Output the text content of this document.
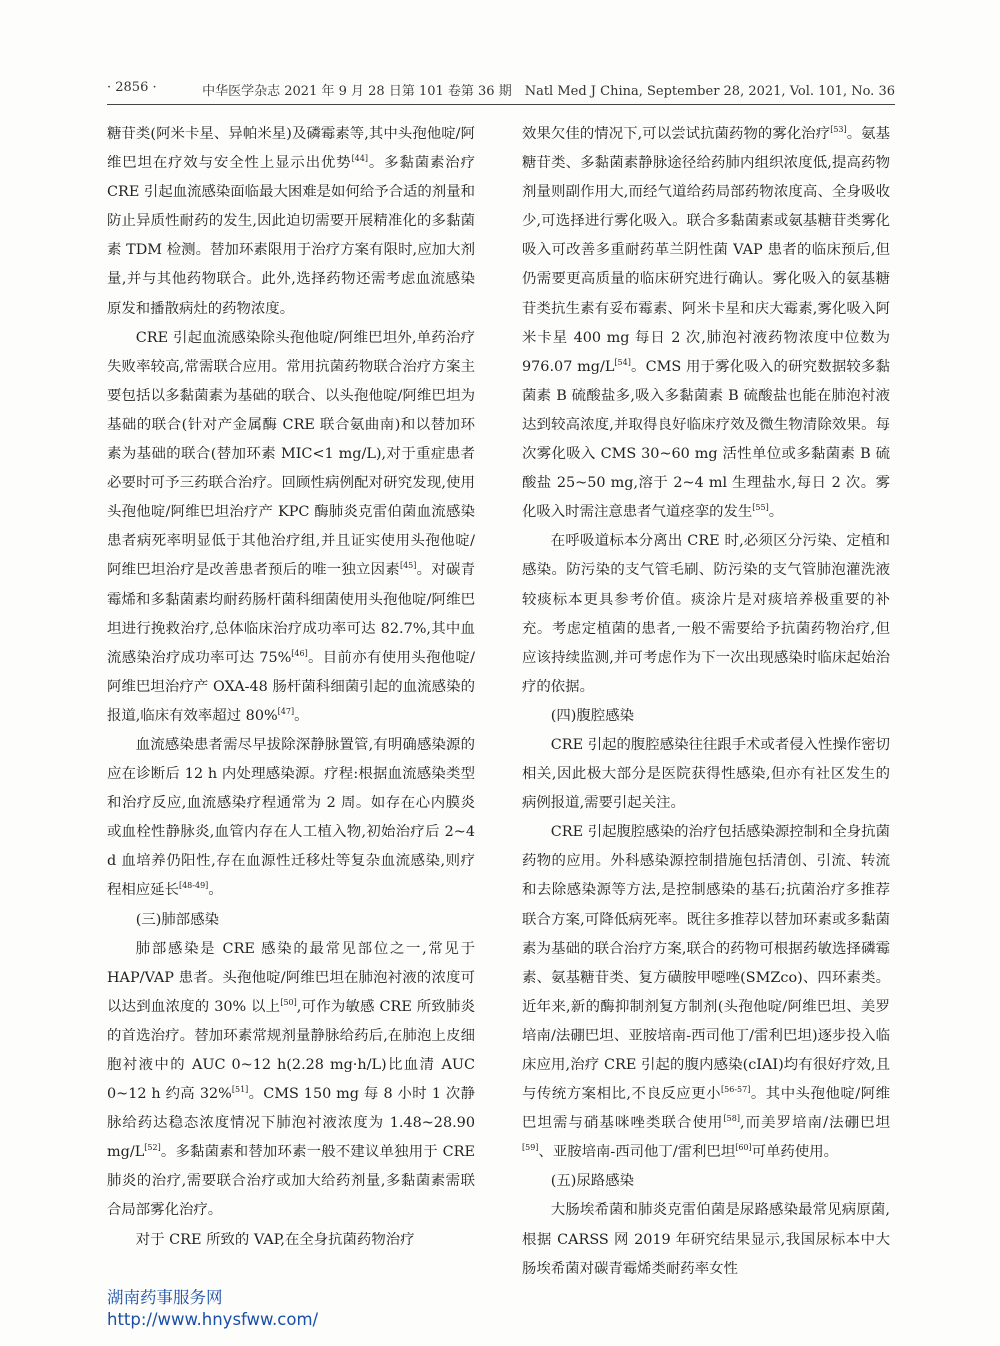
· 2856 ·	中华医学杂志 2021 年 9 月 28 日第 101 卷第 36 期　Natl Med J China, September 28, 2021, Vol. 101, No. 36

糖苷类(阿米卡星、异帕米星)及磷霉素等,其中头孢他啶/阿维巴坦在疗效与安全性上显示出优势[44]。多黏菌素治疗 CRE 引起血流感染面临最大困难是如何给予合适的剂量和防止异质性耐药的发生,因此迫切需要开展精准化的多黏菌素 TDM 检测。替加环素限用于治疗方案有限时,应加大剂量,并与其他药物联合。此外,选择药物还需考虑血流感染原发和播散病灶的药物浓度。

CRE 引起血流感染除头孢他啶/阿维巴坦外,单药治疗失败率较高,常需联合应用。常用抗菌药物联合治疗方案主要包括以多黏菌素为基础的联合、以头孢他啶/阿维巴坦为基础的联合(针对产金属酶 CRE 联合氨曲南)和以替加环素为基础的联合(替加环素 MIC<1 mg/L),对于重症患者必要时可予三药联合治疗。回顾性病例配对研究发现,使用头孢他啶/阿维巴坦治疗产 KPC 酶肺炎克雷伯菌血流感染患者病死率明显低于其他治疗组,并且证实使用头孢他啶/阿维巴坦治疗是改善患者预后的唯一独立因素[45]。对碳青霉烯和多黏菌素均耐药肠杆菌科细菌使用头孢他啶/阿维巴坦进行挽救治疗,总体临床治疗成功率可达 82.7%,其中血流感染治疗成功率可达 75%[46]。目前亦有使用头孢他啶/阿维巴坦治疗产 OXA-48 肠杆菌科细菌引起的血流感染的报道,临床有效率超过 80%[47]。

血流感染患者需尽早拔除深静脉置管,有明确感染源的应在诊断后 12 h 内处理感染源。疗程:根据血流感染类型和治疗反应,血流感染疗程通常为 2 周。如存在心内膜炎或血栓性静脉炎,血管内存在人工植入物,初始治疗后 2~4 d 血培养仍阳性,存在血源性迁移灶等复杂血流感染,则疗程相应延长[48-49]。

(三)肺部感染

肺部感染是 CRE 感染的最常见部位之一,常见于 HAP/VAP 患者。头孢他啶/阿维巴坦在肺泡衬液的浓度可以达到血浓度的 30% 以上[50],可作为敏感 CRE 所致肺炎的首选治疗。替加环素常规剂量静脉给药后,在肺泡上皮细胞衬液中的 AUC 0~12 h(2.28 mg·h/L)比血清 AUC 0~12 h 约高 32%[51]。CMS 150 mg 每 8 小时 1 次静脉给药达稳态浓度情况下肺泡衬液浓度为 1.48~28.90 mg/L[52]。多黏菌素和替加环素一般不建议单独用于 CRE 肺炎的治疗,需要联合治疗或加大给药剂量,多黏菌素需联合局部雾化治疗。

对于 CRE 所致的 VAP,在全身抗菌药物治疗

效果欠佳的情况下,可以尝试抗菌药物的雾化治疗[53]。氨基糖苷类、多黏菌素静脉途径给药肺内组织浓度低,提高药物剂量则副作用大,而经气道给药局部药物浓度高、全身吸收少,可选择进行雾化吸入。联合多黏菌素或氨基糖苷类雾化吸入可改善多重耐药革兰阴性菌 VAP 患者的临床预后,但仍需要更高质量的临床研究进行确认。雾化吸入的氨基糖苷类抗生素有妥布霉素、阿米卡星和庆大霉素,雾化吸入阿米卡星 400 mg 每日 2 次,肺泡衬液药物浓度中位数为 976.07 mg/L[54]。CMS 用于雾化吸入的研究数据较多黏菌素 B 硫酸盐多,吸入多黏菌素 B 硫酸盐也能在肺泡衬液达到较高浓度,并取得良好临床疗效及微生物清除效果。每次雾化吸入 CMS 30~60 mg 活性单位或多黏菌素 B 硫酸盐 25~50 mg,溶于 2~4 ml 生理盐水,每日 2 次。雾化吸入时需注意患者气道痉挛的发生[55]。

在呼吸道标本分离出 CRE 时,必须区分污染、定植和感染。防污染的支气管毛刷、防污染的支气管肺泡灌洗液较痰标本更具参考价值。痰涂片是对痰培养极重要的补充。考虑定植菌的患者,一般不需要给予抗菌药物治疗,但应该持续监测,并可考虑作为下一次出现感染时临床起始治疗的依据。

(四)腹腔感染

CRE 引起的腹腔感染往往跟手术或者侵入性操作密切相关,因此极大部分是医院获得性感染,但亦有社区发生的病例报道,需要引起关注。

CRE 引起腹腔感染的治疗包括感染源控制和全身抗菌药物的应用。外科感染源控制措施包括清创、引流、转流和去除感染源等方法,是控制感染的基石;抗菌治疗多推荐联合方案,可降低病死率。既往多推荐以替加环素或多黏菌素为基础的联合治疗方案,联合的药物可根据药敏选择磷霉素、氨基糖苷类、复方磺胺甲噁唑(SMZco)、四环素类。近年来,新的酶抑制剂复方制剂(头孢他啶/阿维巴坦、美罗培南/法硼巴坦、亚胺培南-西司他丁/雷利巴坦)逐步投入临床应用,治疗 CRE 引起的腹内感染(cIAI)均有很好疗效,且与传统方案相比,不良反应更小[56-57]。其中头孢他啶/阿维巴坦需与硝基咪唑类联合使用[58],而美罗培南/法硼巴坦[59]、亚胺培南-西司他丁/雷利巴坦[60]可单药使用。

(五)尿路感染

大肠埃希菌和肺炎克雷伯菌是尿路感染最常见病原菌,根据 CARSS 网 2019 年研究结果显示,我国尿标本中大肠埃希菌对碳青霉烯类耐药率女性

湖南药事服务网
http://www.hnysfww.com/
